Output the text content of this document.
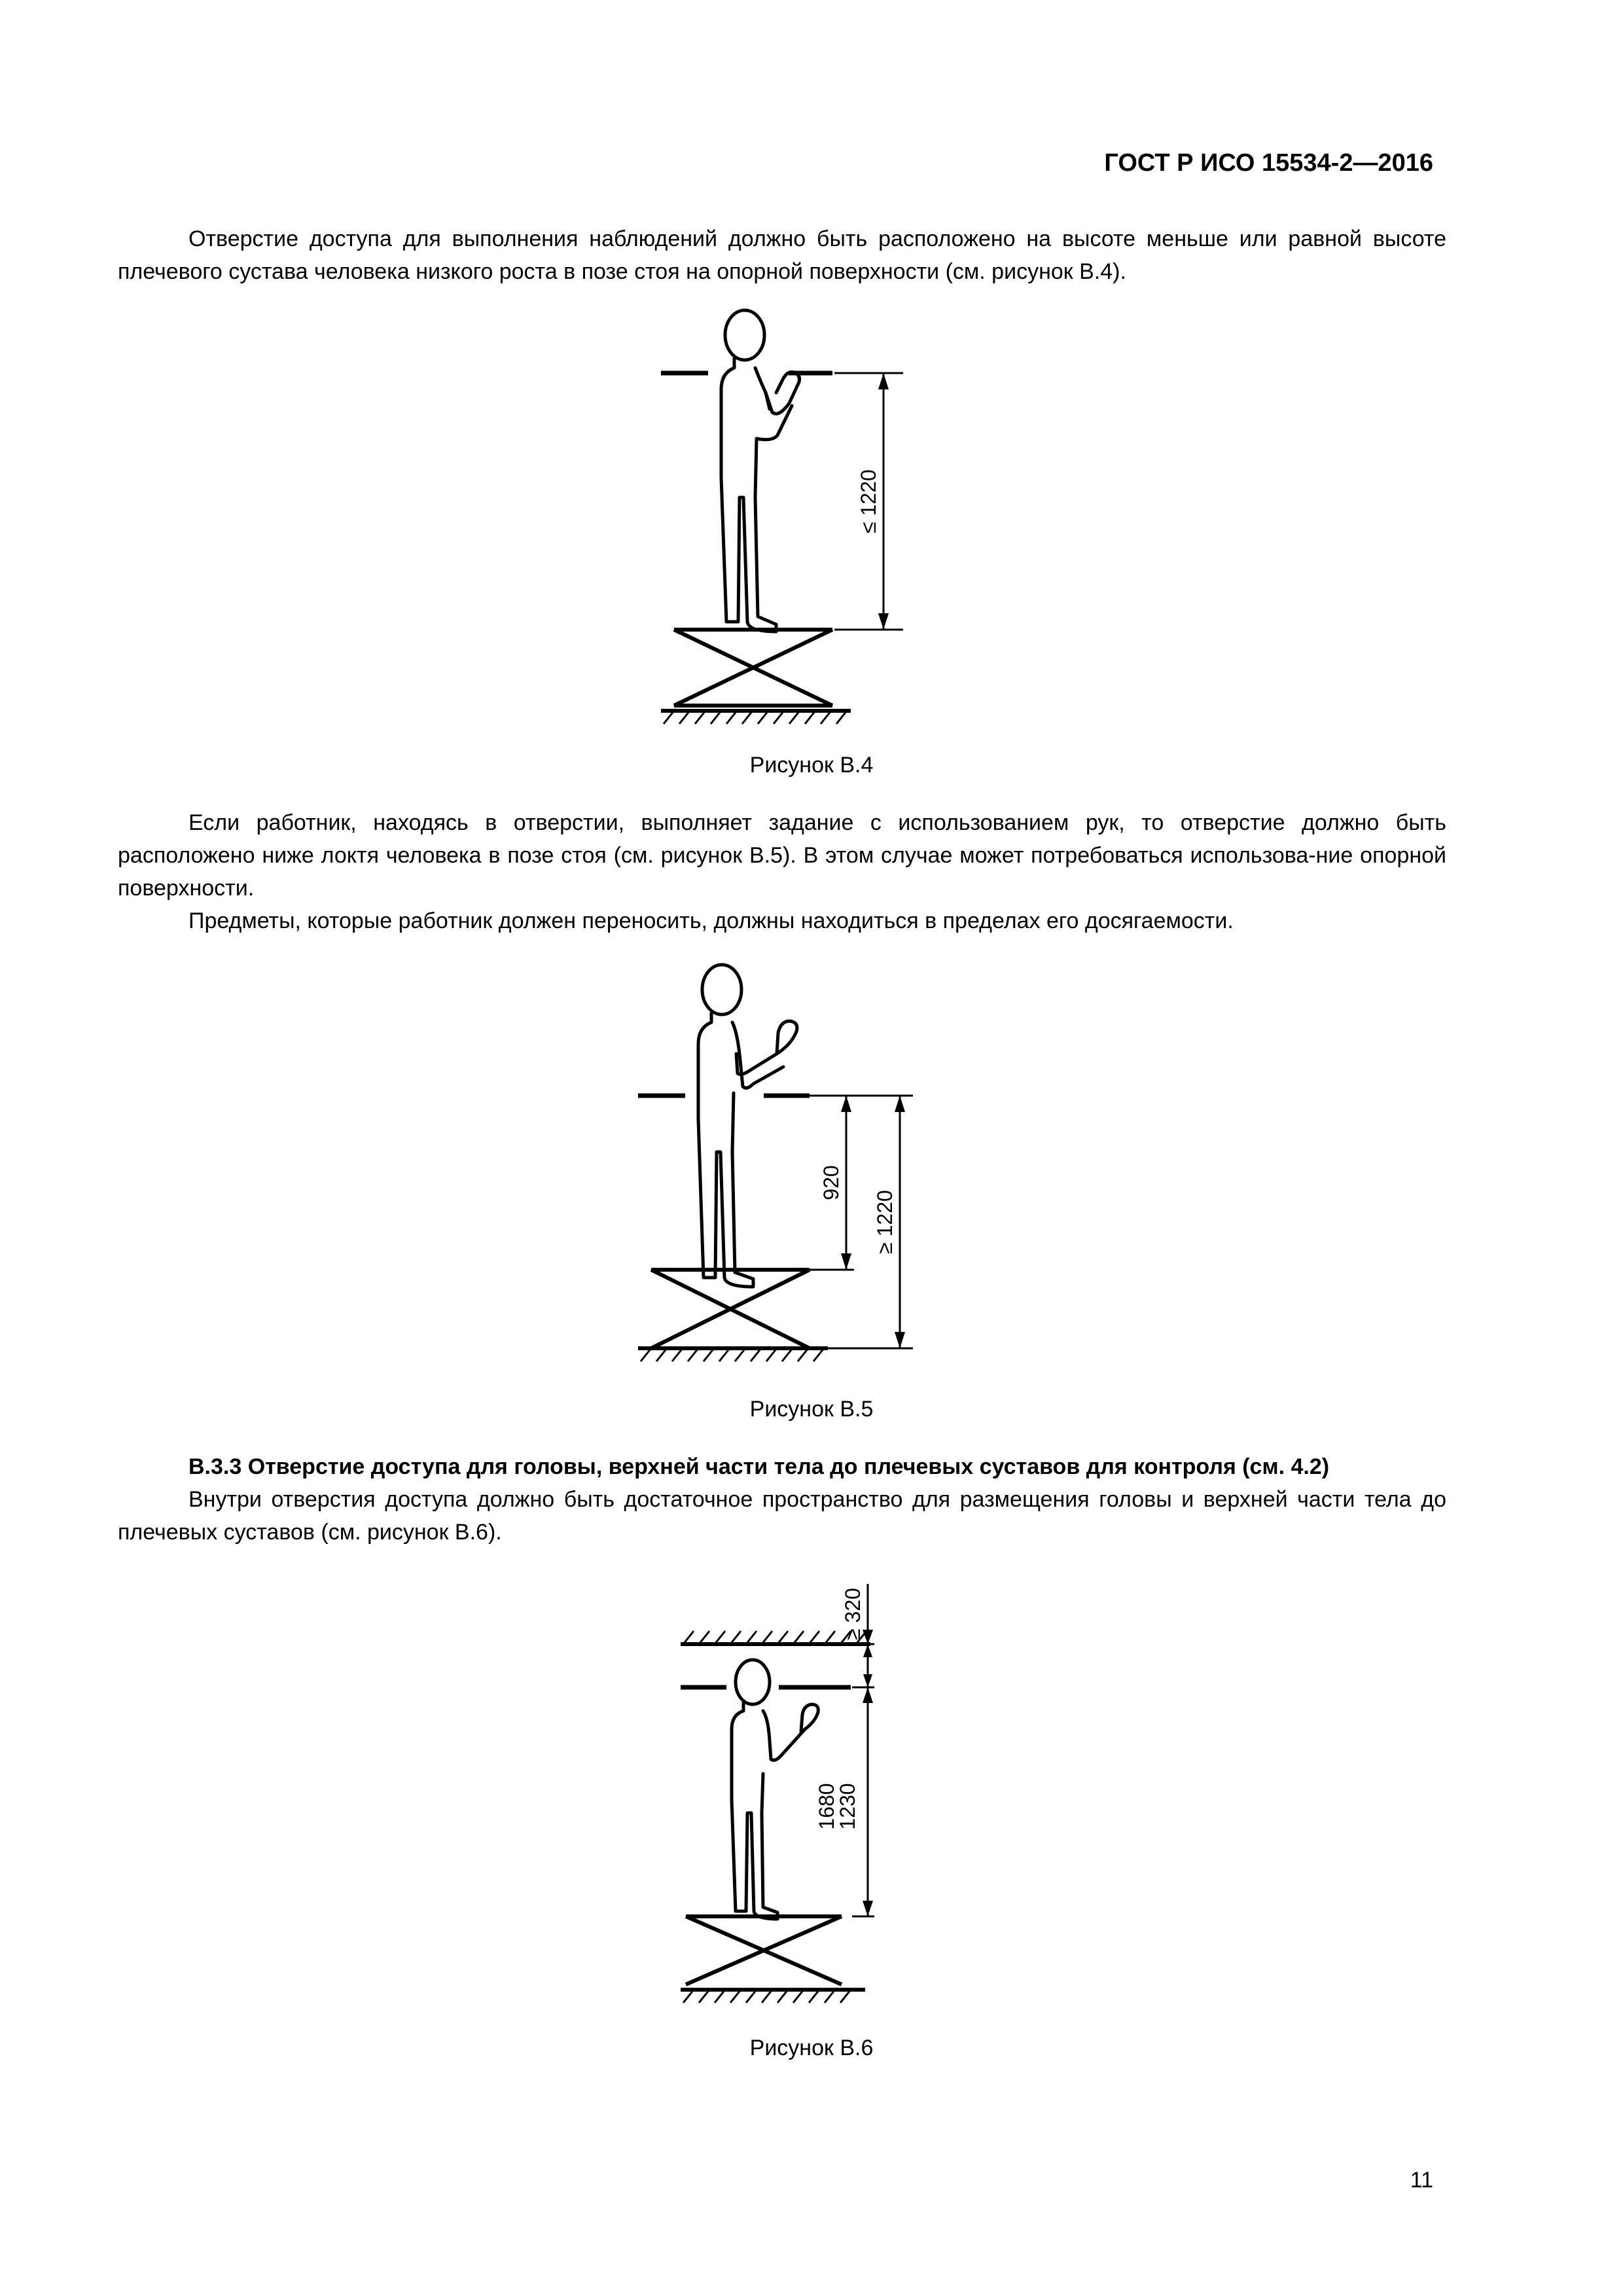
ГОСТ Р ИСО 15534-2—2016

Отверстие доступа для выполнения наблюдений должно быть расположено на высоте меньше или равной высоте плечевого сустава человека низкого роста в позе стоя на опорной поверхности (см. рисунок В.4).

≤ 1220
Рисунок В.4

Если работник, находясь в отверстии, выполняет задание с использованием рук, то отверстие должно быть расположено ниже локтя человека в позе стоя (см. рисунок В.5). В этом случае может потребоваться использова-ние опорной поверхности.

Предметы, которые работник должен переносить, должны находиться в пределах его досягаемости.

920
≥ 1220
Рисунок В.5

В.3.3 Отверстие доступа для головы, верхней части тела до плечевых суставов для контроля (см. 4.2)

Внутри отверстия доступа должно быть достаточное пространство для размещения головы и верхней части тела до плечевых суставов (см. рисунок В.6).

≥ 320
1680
1230
Рисунок В.6
11
